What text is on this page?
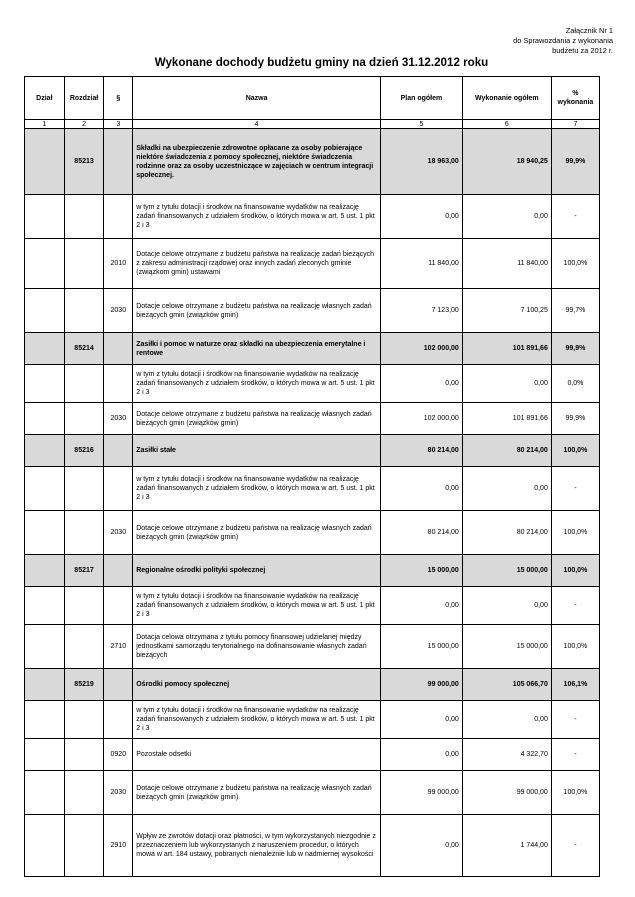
Załącznik Nr 1
do Sprawozdania z wykonania
budżetu za 2012 r.
Wykonane dochody budżetu gminy na dzień 31.12.2012 roku
Dział	Rozdział	§	Nazwa	Plan ogółem	Wykonanie ogółem	% wykonania
1	2	3	4	5	6	7
	85213		Składki na ubezpieczenie zdrowotne opłacane za osoby pobierające niektóre świadczenia z pomocy społecznej, niektóre świadczenia rodzinne oraz za osoby uczestniczące w zajęciach w centrum integracji społecznej.	18 963,00	18 940,25	99,9%
			w tym z tytułu dotacji i środków na finansowanie wydatków na realizację zadań finansowanych z udziałem środków, o których mowa w art. 5 ust. 1 pkt 2 i 3	0,00	0,00	-
		2010	Dotacje celowe otrzymane z budżetu państwa na realizację zadań bieżących z zakresu administracji rządowej oraz innych zadań zleconych gminie (związkom gmin) ustawami	11 840,00	11 840,00	100,0%
		2030	Dotacje celowe otrzymane z budżetu państwa na realizację własnych zadań bieżących gmin (związków gmin)	7 123,00	7 100,25	99,7%
	85214		Zasiłki i pomoc w naturze oraz składki na ubezpieczenia emerytalne i rentowe	102 000,00	101 891,66	99,9%
			w tym z tytułu dotacji i środków na finansowanie wydatków na realizację zadań finansowanych z udziałem środków, o których mowa w art. 5 ust. 1 pkt 2 i 3	0,00	0,00	0,0%
		2030	Dotacje celowe otrzymane z budżetu państwa na realizację własnych zadań bieżących gmin (związków gmin)	102 000,00	101 891,66	99,9%
	85216		Zasiłki stałe	80 214,00	80 214,00	100,0%
			w tym z tytułu dotacji i środków na finansowanie wydatków na realizację zadań finansowanych z udziałem środków, o których mowa w art. 5 ust. 1 pkt 2 i 3	0,00	0,00	-
		2030	Dotacje celowe otrzymane z budżetu państwa na realizację własnych zadań bieżących gmin (związków gmin)	80 214,00	80 214,00	100,0%
	85217		Regionalne ośrodki polityki społecznej	15 000,00	15 000,00	100,0%
			w tym z tytułu dotacji i środków na finansowanie wydatków na realizację zadań finansowanych z udziałem środków, o których mowa w art. 5 ust. 1 pkt 2 i 3	0,00	0,00	-
		2710	Dotacja celowa otrzymana z tytułu pomocy finansowej udzielanej między jednostkami samorządu terytorialnego na dofinansowanie własnych zadań bieżących	15 000,00	15 000,00	100,0%
	85219		Ośrodki pomocy społecznej	99 000,00	105 066,70	106,1%
			w tym z tytułu dotacji i środków na finansowanie wydatków na realizację zadań finansowanych z udziałem środków, o których mowa w art. 5 ust. 1 pkt 2 i 3	0,00	0,00	-
		0920	Pozostałe odsetki	0,00	4 322,70	-
		2030	Dotacje celowe otrzymane z budżetu państwa na realizację własnych zadań bieżących gmin (związków gmin)	99 000,00	99 000,00	100,0%
		2910	Wpływ ze zwrotów dotacji oraz płatności, w tym wykorzystanych niezgodnie z przeznaczeniem lub wykorzystanych z naruszeniem procedur, o których mowa w art. 184 ustawy, pobranych nienależnie lub w nadmiernej wysokości	0,00	1 744,00	-
